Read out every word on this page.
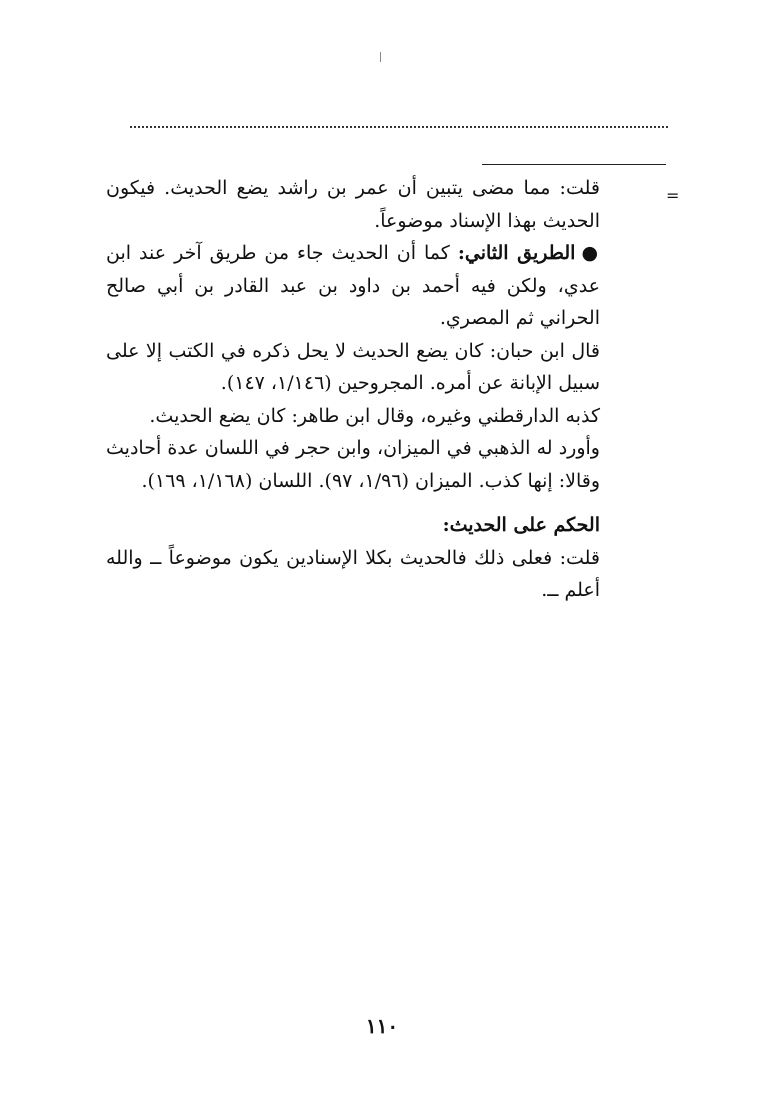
=

قلت: مما مضى يتبين أن عمر بن راشد يضع الحديث. فيكون الحديث بهذا الإسناد موضوعاً.

●الطريق الثاني: كما أن الحديث جاء من طريق آخر عند ابن عدي، ولكن فيه أحمد بن داود بن عبد القادر بن أبي صالح الحراني ثم المصري.

قال ابن حبان: كان يضع الحديث لا يحل ذكره في الكتب إلا على سبيل الإبانة عن أمره. المجروحين (١/١٤٦، ١٤٧).

كذبه الدارقطني وغيره، وقال ابن طاهر: كان يضع الحديث.

وأورد له الذهبي في الميزان، وابن حجر في اللسان عدة أحاديث وقالا: إنها كذب. الميزان (١/٩٦، ٩٧). اللسان (١/١٦٨، ١٦٩).

الحكم على الحديث:

قلت: فعلى ذلك فالحديث بكلا الإسنادين يكون موضوعاً ــ والله أعلم ــ.

١١٠
